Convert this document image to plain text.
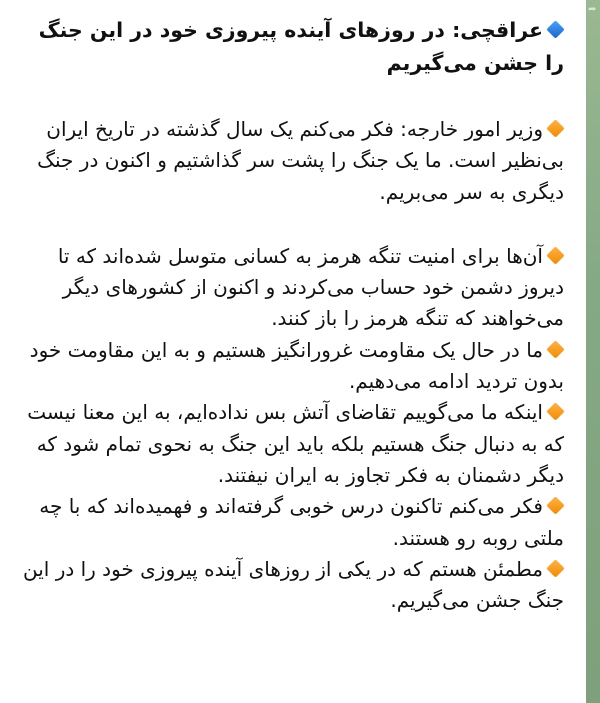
➦

عراقچی: در روزهای آینده پیروزی خود در این جنگ را جشن می‌گیریم

وزیر امور خارجه: فکر می‌کنم یک سال گذشته در تاریخ ایران بی‌نظیر است. ما یک جنگ را پشت سر گذاشتیم و اکنون در جنگ دیگری به سر می‌بریم.

آن‌ها برای امنیت تنگه هرمز به کسانی متوسل شده‌اند که تا دیروز دشمن خود حساب می‌کردند و اکنون از کشورهای دیگر می‌خواهند که تنگه هرمز را باز کنند.

ما در حال یک مقاومت غرورانگیز هستیم و به این مقاومت خود بدون تردید ادامه می‌دهیم.

اینکه ما می‌گوییم تقاضای آتش بس نداده‌ایم، به این معنا نیست که به دنبال جنگ هستیم بلکه باید این جنگ به نحوی تمام شود که دیگر دشمنان به فکر تجاوز به ایران نیفتند.

فکر می‌کنم تاکنون درس خوبی گرفته‌اند و فهمیده‌اند که با چه ملتی روبه رو هستند.

مطمئن هستم که در یکی از روزهای آینده پیروزی خود را در این جنگ جشن می‌گیریم.
